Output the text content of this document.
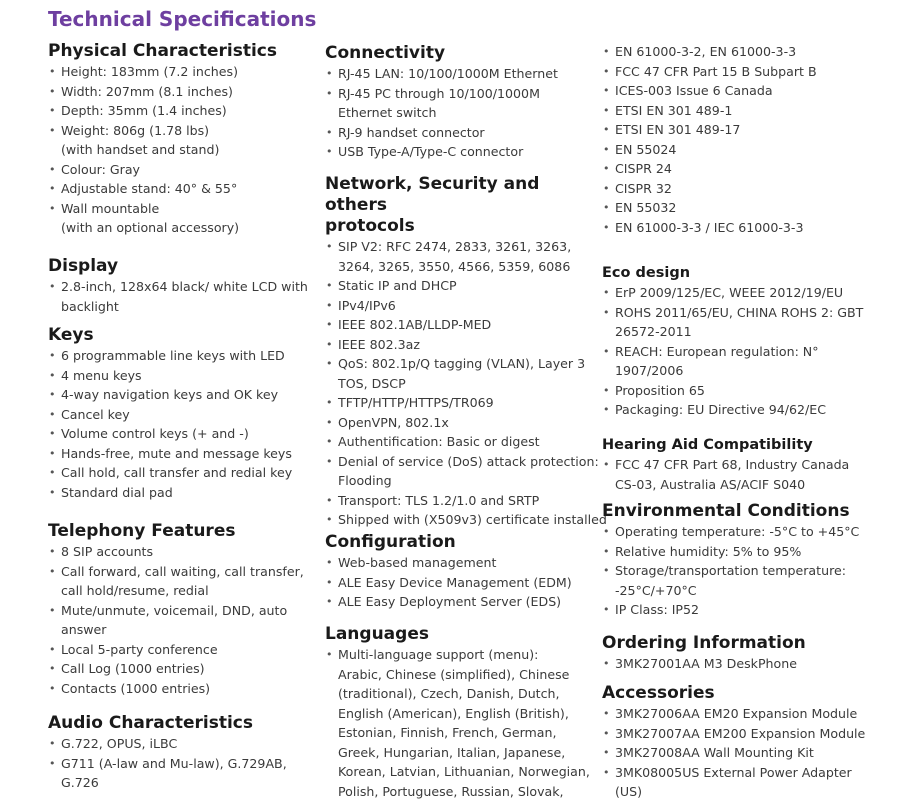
Technical Specifications
Physical Characteristics
• Height: 183mm (7.2 inches)
• Width: 207mm (8.1 inches)
• Depth: 35mm (1.4 inches)
• Weight: 806g (1.78 lbs)
(with handset and stand)
• Colour: Gray
• Adjustable stand: 40° & 55°
• Wall mountable
(with an optional accessory)
Display
• 2.8-inch, 128x64 black/ white LCD with
backlight
Keys
• 6 programmable line keys with LED
• 4 menu keys
• 4-way navigation keys and OK key
• Cancel key
• Volume control keys (+ and -)
• Hands-free, mute and message keys
• Call hold, call transfer and redial key
• Standard dial pad
Telephony Features
• 8 SIP accounts
• Call forward, call waiting, call transfer,
call hold/resume, redial
• Mute/unmute, voicemail, DND, auto
answer
• Local 5-party conference
• Call Log (1000 entries)
• Contacts (1000 entries)
Audio Characteristics
• G.722, OPUS, iLBC
• G711 (A-law and Mu-law), G.729AB,
G.726
Connectivity
• RJ-45 LAN: 10/100/1000M Ethernet
• RJ-45 PC through 10/100/1000M
Ethernet switch
• RJ-9 handset connector
• USB Type-A/Type-C connector
Network, Security and others
protocols
• SIP V2: RFC 2474, 2833, 3261, 3263,
3264, 3265, 3550, 4566, 5359, 6086
• Static IP and DHCP
• IPv4/IPv6
• IEEE 802.1AB/LLDP-MED
• IEEE 802.3az
• QoS: 802.1p/Q tagging (VLAN), Layer 3
TOS, DSCP
• TFTP/HTTP/HTTPS/TR069
• OpenVPN, 802.1x
• Authentification: Basic or digest
• Denial of service (DoS) attack protection:
Flooding
• Transport: TLS 1.2/1.0 and SRTP
• Shipped with (X509v3) certificate installed
Configuration
• Web-based management
• ALE Easy Device Management (EDM)
• ALE Easy Deployment Server (EDS)
Languages
• Multi-language support (menu):
Arabic, Chinese (simplified), Chinese
(traditional), Czech, Danish, Dutch,
English (American), English (British),
Estonian, Finnish, French, German,
Greek, Hungarian, Italian, Japanese,
Korean, Latvian, Lithuanian, Norwegian,
Polish, Portuguese, Russian, Slovak,
• EN 61000-3-2, EN 61000-3-3
• FCC 47 CFR Part 15 B Subpart B
• ICES-003 Issue 6 Canada
• ETSI EN 301 489-1
• ETSI EN 301 489-17
• EN 55024
• CISPR 24
• CISPR 32
• EN 55032
• EN 61000-3-3 / IEC 61000-3-3
Eco design
• ErP 2009/125/EC, WEEE 2012/19/EU
• ROHS 2011/65/EU, CHINA ROHS 2: GBT
26572-2011
• REACH: European regulation: N°
1907/2006
• Proposition 65
• Packaging: EU Directive 94/62/EC
Hearing Aid Compatibility
• FCC 47 CFR Part 68, Industry Canada
CS-03, Australia AS/ACIF S040
Environmental Conditions
• Operating temperature: -5°C to +45°C
• Relative humidity: 5% to 95%
• Storage/transportation temperature:
-25°C/+70°C
• IP Class: IP52
Ordering Information
• 3MK27001AA M3 DeskPhone
Accessories
• 3MK27006AA EM20 Expansion Module
• 3MK27007AA EM200 Expansion Module
• 3MK27008AA Wall Mounting Kit
• 3MK08005US External Power Adapter
(US)
